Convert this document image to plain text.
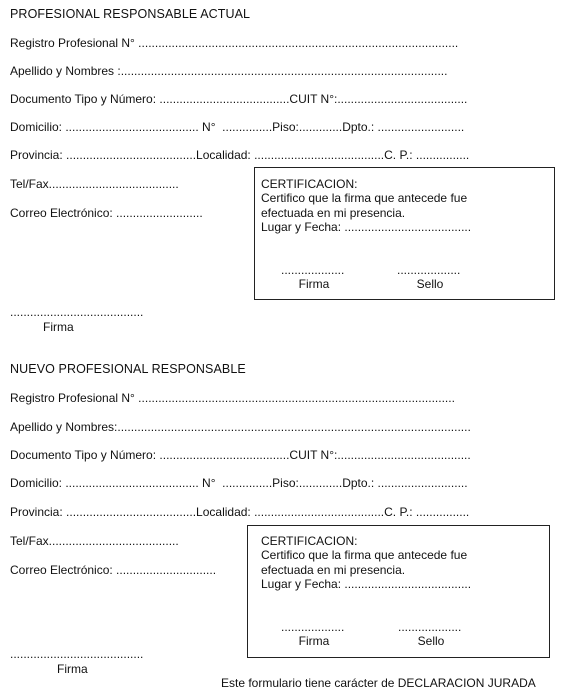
PROFESIONAL RESPONSABLE ACTUAL
Registro Profesional N° ................................................................................................
Apellido y Nombres :..................................................................................................
Documento Tipo y Número: .......................................CUIT N°:.......................................
Domicilio: ........................................ N°  ...............Piso:.............Dpto.: ..........................
Provincia: .......................................Localidad: .......................................C. P.: ................
Tel/Fax.......................................
Correo Electrónico: ..........................
CERTIFICACION:
Certifico que la firma que antecede fue
efectuada en mi presencia.
Lugar y Fecha: ......................................
...................	...................
Firma	Sello
........................................
Firma
NUEVO PROFESIONAL RESPONSABLE
Registro Profesional N° ...............................................................................................
Apellido y Nombres:..........................................................................................................
Documento Tipo y Número: .......................................CUIT N°:........................................
Domicilio: ........................................ N°  ...............Piso:.............Dpto.: ...........................
Provincia: .......................................Localidad: .......................................C. P.: ................
Tel/Fax.......................................
Correo Electrónico: ..............................
CERTIFICACION:
Certifico que la firma que antecede fue
efectuada en mi presencia.
Lugar y Fecha: ......................................
...................	...................
Firma	Sello
........................................
Firma
Este formulario tiene carácter de DECLARACION JURADA
